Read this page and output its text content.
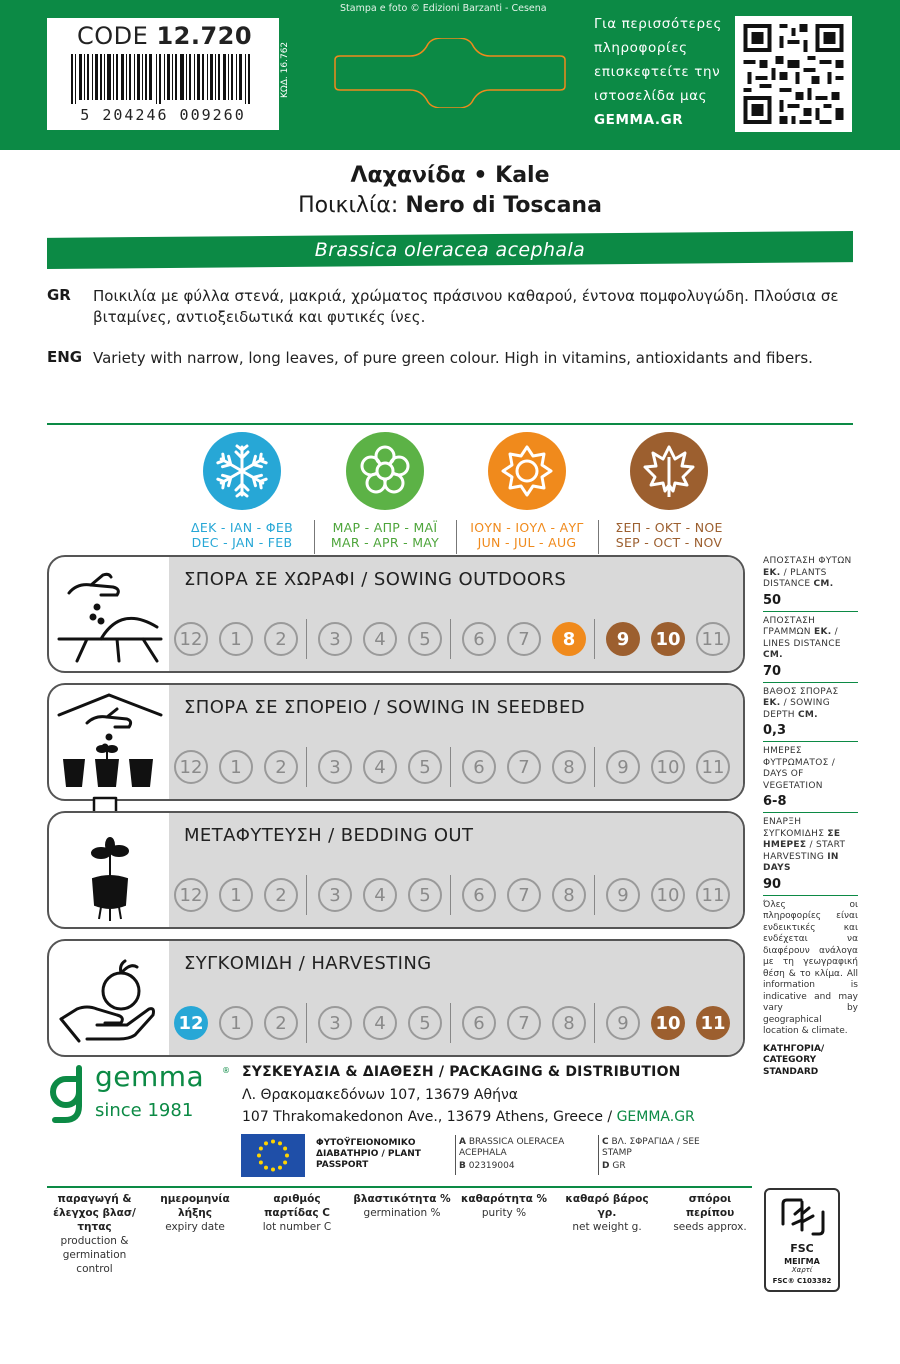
CODE 12.720
5 204246 009260
ΚΩΔ. 16.762
Stampa e foto © Edizioni Barzanti - Cesena
Για περισσότερες
πληροφορίες
επισκεφτείτε την
ιστοσελίδα μας
GEMMA.GR
Λαχανίδα • Kale
Ποικιλία: Nero di Toscana
Brassica oleracea acephala
GR Ποικιλία με φύλλα στενά, μακριά, χρώματος πράσινου καθαρού, έντονα πομφολυγώδη. Πλούσια σε βιταμίνες, αντιοξειδωτικά και φυτικές ίνες.
ENG Variety with narrow, long leaves, of pure green colour. High in vitamins, antioxidants and fibers.
ΔΕΚ - ΙΑΝ - ΦΕΒ
DEC - JAN - FEB
ΜΑΡ - ΑΠΡ - ΜΑΪ
MAR - APR - MAY
ΙΟΥΝ - ΙΟΥΛ - ΑΥΓ
JUN - JUL - AUG
ΣΕΠ - ΟΚΤ - ΝΟΕ
SEP - OCT - NOV
ΣΠΟΡΑ ΣΕ ΧΩΡΑΦΙ / SOWING OUTDOORS
12	1	2	3	4	5	6	7	8	9	10	11
ΣΠΟΡΑ ΣΕ ΣΠΟΡΕΙΟ / SOWING IN SEEDBED
12	1	2	3	4	5	6	7	8	9	10	11
ΜΕΤΑΦΥΤΕΥΣΗ / BEDDING OUT
12	1	2	3	4	5	6	7	8	9	10	11
ΣΥΓΚΟΜΙΔΗ / HARVESTING
12	1	2	3	4	5	6	7	8	9	10 11
ΑΠΟΣΤΑΣΗ ΦΥΤΩΝ ΕΚ. / PLANTS DISTANCE CM.
50
ΑΠΟΣΤΑΣΗ ΓΡΑΜΜΩΝ ΕΚ. / LINES DISTANCE CM.
70
ΒΑΘΟΣ ΣΠΟΡΑΣ ΕΚ. / SOWING DEPTH CM.
0,3
ΗΜΕΡΕΣ ΦΥΤΡΩΜΑΤΟΣ / DAYS OF VEGETATION
6-8
ΕΝΑΡΞΗ ΣΥΓΚΟΜΙΔΗΣ ΣΕ ΗΜΕΡΕΣ / START HARVESTING IN DAYS
90
Όλες οι πληροφορίες είναι ενδεικτικές και ενδέχεται να διαφέρουν ανάλογα με τη γεωγραφική θέση & το κλίμα. All information is indicative and may vary by geographical location & climate.
ΚΑΤΗΓΟΡΙΑ/ CATEGORY STANDARD
gemma ®
since 1981
ΣΥΣΚΕΥΑΣΙΑ & ΔΙΑΘΕΣΗ / PACKAGING & DISTRIBUTION
Λ. Θρακομακεδόνων 107, 13679 Αθήνα
107 Thrakomakedonon Ave., 13679 Athens, Greece / GEMMA.GR
ΦΥΤΟΫΓΕΙΟΝΟΜΙΚΟ ΔΙΑΒΑΤΗΡΙΟ / PLANT PASSPORT
A BRASSICA OLERACEA ACEPHALA
B 02319004
C ΒΛ. ΣΦΡΑΓΙΔΑ / SEE STAMP
D GR
παραγωγή & έλεγχος βλασ/τητας
production & germination control
ημερομηνία λήξης
expiry date
αριθμός παρτίδας C
lot number C
βλαστικότητα %
germination %
καθαρότητα %
purity %
καθαρό βάρος γρ.
net weight g.
σπόροι περίπου
seeds approx.
FSC
ΜΕΙΓΜΑ
Χαρτί
FSC® C103382
